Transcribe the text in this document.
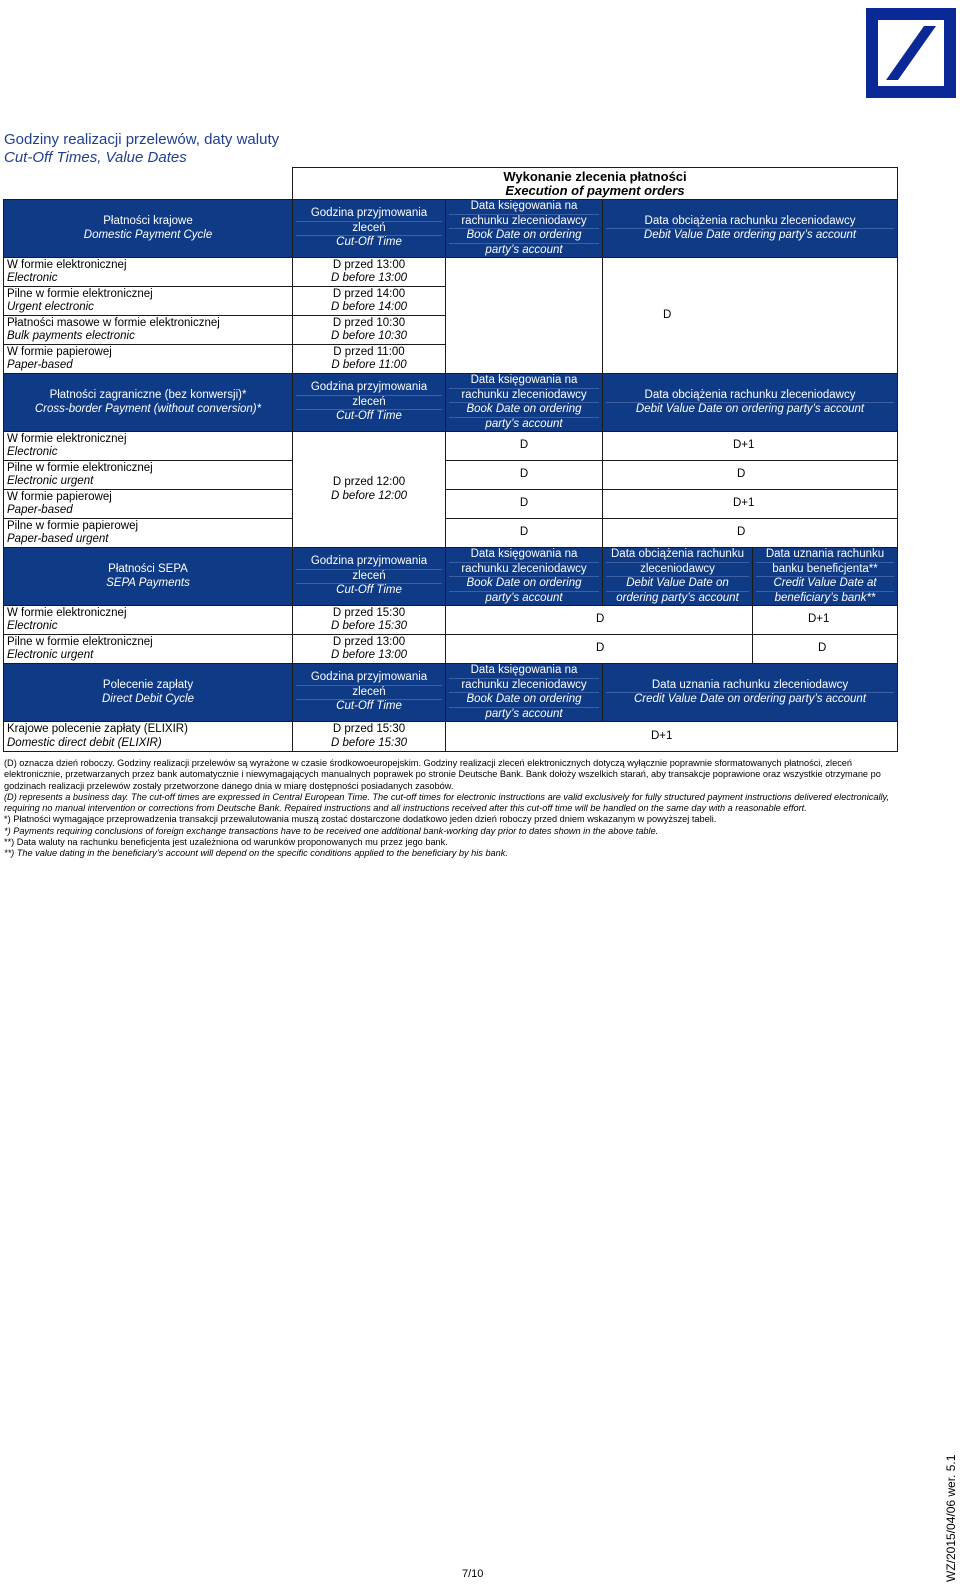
Godziny realizacji przelewów, daty waluty
Cut-Off Times, Value Dates
	Wykonanie zlecenia płatności
Execution of payment orders			
Płatności krajowe
Domestic Payment Cycle	Godzina przyjmowania
zleceń
Cut-Off Time	Data księgowania na
rachunku zleceniodawcy
Book Date on ordering
party’s account	Data obciążenia rachunku zleceniodawcy
Debit Value Date ordering party’s account	

W formie elektronicznej
Electronic	D przed 13:00
D before 13:00		D	
Pilne w formie elektronicznej
Urgent electronic	D przed 14:00
D before 14:00			
Płatności masowe w formie elektronicznej
Bulk payments electronic	D przed 10:30
D before 10:30			
W formie papierowej
Paper-based	D przed 11:00
D before 11:00			
Płatności zagraniczne (bez konwersji)*
Cross-border Payment (without conversion)*	Godzina przyjmowania
zleceń
Cut-Off Time	Data księgowania na
rachunku zleceniodawcy
Book Date on ordering
party’s account	Data obciążenia rachunku zleceniodawcy
Debit Value Date on ordering party’s account	

W formie elektronicznej
Electronic	D przed 12:00
D before 12:00	D	D+1	
Pilne w formie elektronicznej
Electronic urgent		D	D	
W formie papierowej
Paper-based		D	D+1	
Pilne w formie papierowej
Paper-based urgent		D	D	
Płatności SEPA
SEPA Payments	Godzina przyjmowania
zleceń
Cut-Off Time	Data księgowania na
rachunku zleceniodawcy
Book Date on ordering
party’s account	Data obciążenia rachunku
zleceniodawcy
Debit Value Date on
ordering party’s account	Data uznania rachunku
banku beneficjenta**
Credit Value Date at
beneficiary’s bank**

W formie elektronicznej
Electronic	D przed 15:30
D before 15:30	D		D+1
Pilne w formie elektronicznej
Electronic urgent	D przed 13:00
D before 13:00	D		D
Polecenie zapłaty
Direct Debit Cycle	Godzina przyjmowania
zleceń
Cut-Off Time	Data księgowania na
rachunku zleceniodawcy
Book Date on ordering
party’s account	Data uznania rachunku zleceniodawcy
Credit Value Date on ordering party’s account	

Krajowe polecenie zapłaty (ELIXIR)
Domestic direct debit (ELIXIR)	D przed 15:30
D before 15:30	D+1		

(D) oznacza dzień roboczy. Godziny realizacji przelewów są wyrażone w czasie środkowoeuropejskim. Godziny realizacji zleceń elektronicznych dotyczą wyłącznie poprawnie sformatowanych płatności, zleceń elektronicznie, przetwarzanych przez bank automatycznie i niewymagających manualnych poprawek po stronie Deutsche Bank. Bank dołoży wszelkich starań, aby transakcje poprawione oraz wszystkie otrzymane po godzinach realizacji przelewów zostały przetworzone danego dnia w miarę dostępności posiadanych zasobów.

(D) represents a business day. The cut-off times are expressed in Central European Time. The cut-off times for electronic instructions are valid exclusively for fully structured payment instructions delivered electronically, requiring no manual intervention or corrections from Deutsche Bank. Repaired instructions and all instructions received after this cut-off time will be handled on the same day with a reasonable effort.

*) Płatności wymagające przeprowadzenia transakcji przewalutowania muszą zostać dostarczone dodatkowo jeden dzień roboczy przed dniem wskazanym w powyższej tabeli.

*) Payments requiring conclusions of foreign exchange transactions have to be received one additional bank-working day prior to dates shown in the above table.

**) Data waluty na rachunku beneficjenta jest uzależniona od warunków proponowanych mu przez jego bank.

**) The value dating in the beneficiary’s account will depend on the specific conditions applied to the beneficiary by his bank.

7/10	WZ/2015/04/06 wer. 5.1
